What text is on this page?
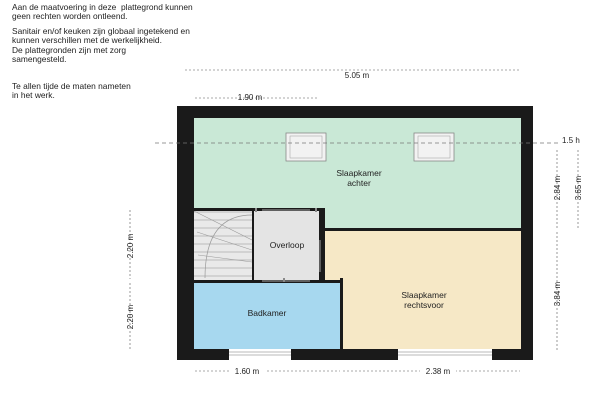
Aan de maatvoering in deze  plattegrond kunnen
geen rechten worden ontleend.
Sanitair en/of keuken zijn globaal ingetekend en
kunnen verschillen met de werkelijkheid.
De plattegronden zijn met zorg
samengesteld.
Te allen tijde de maten nameten
in het werk.
5.05 m
1.90 m
1.5 h
Slaapkamer
achter
Overloop
Badkamer
Slaapkamer
rechtsvoor
3.65 m
2.84 m
3.84 m
2.20 m
2.20 m
1.60 m	2.38 m
